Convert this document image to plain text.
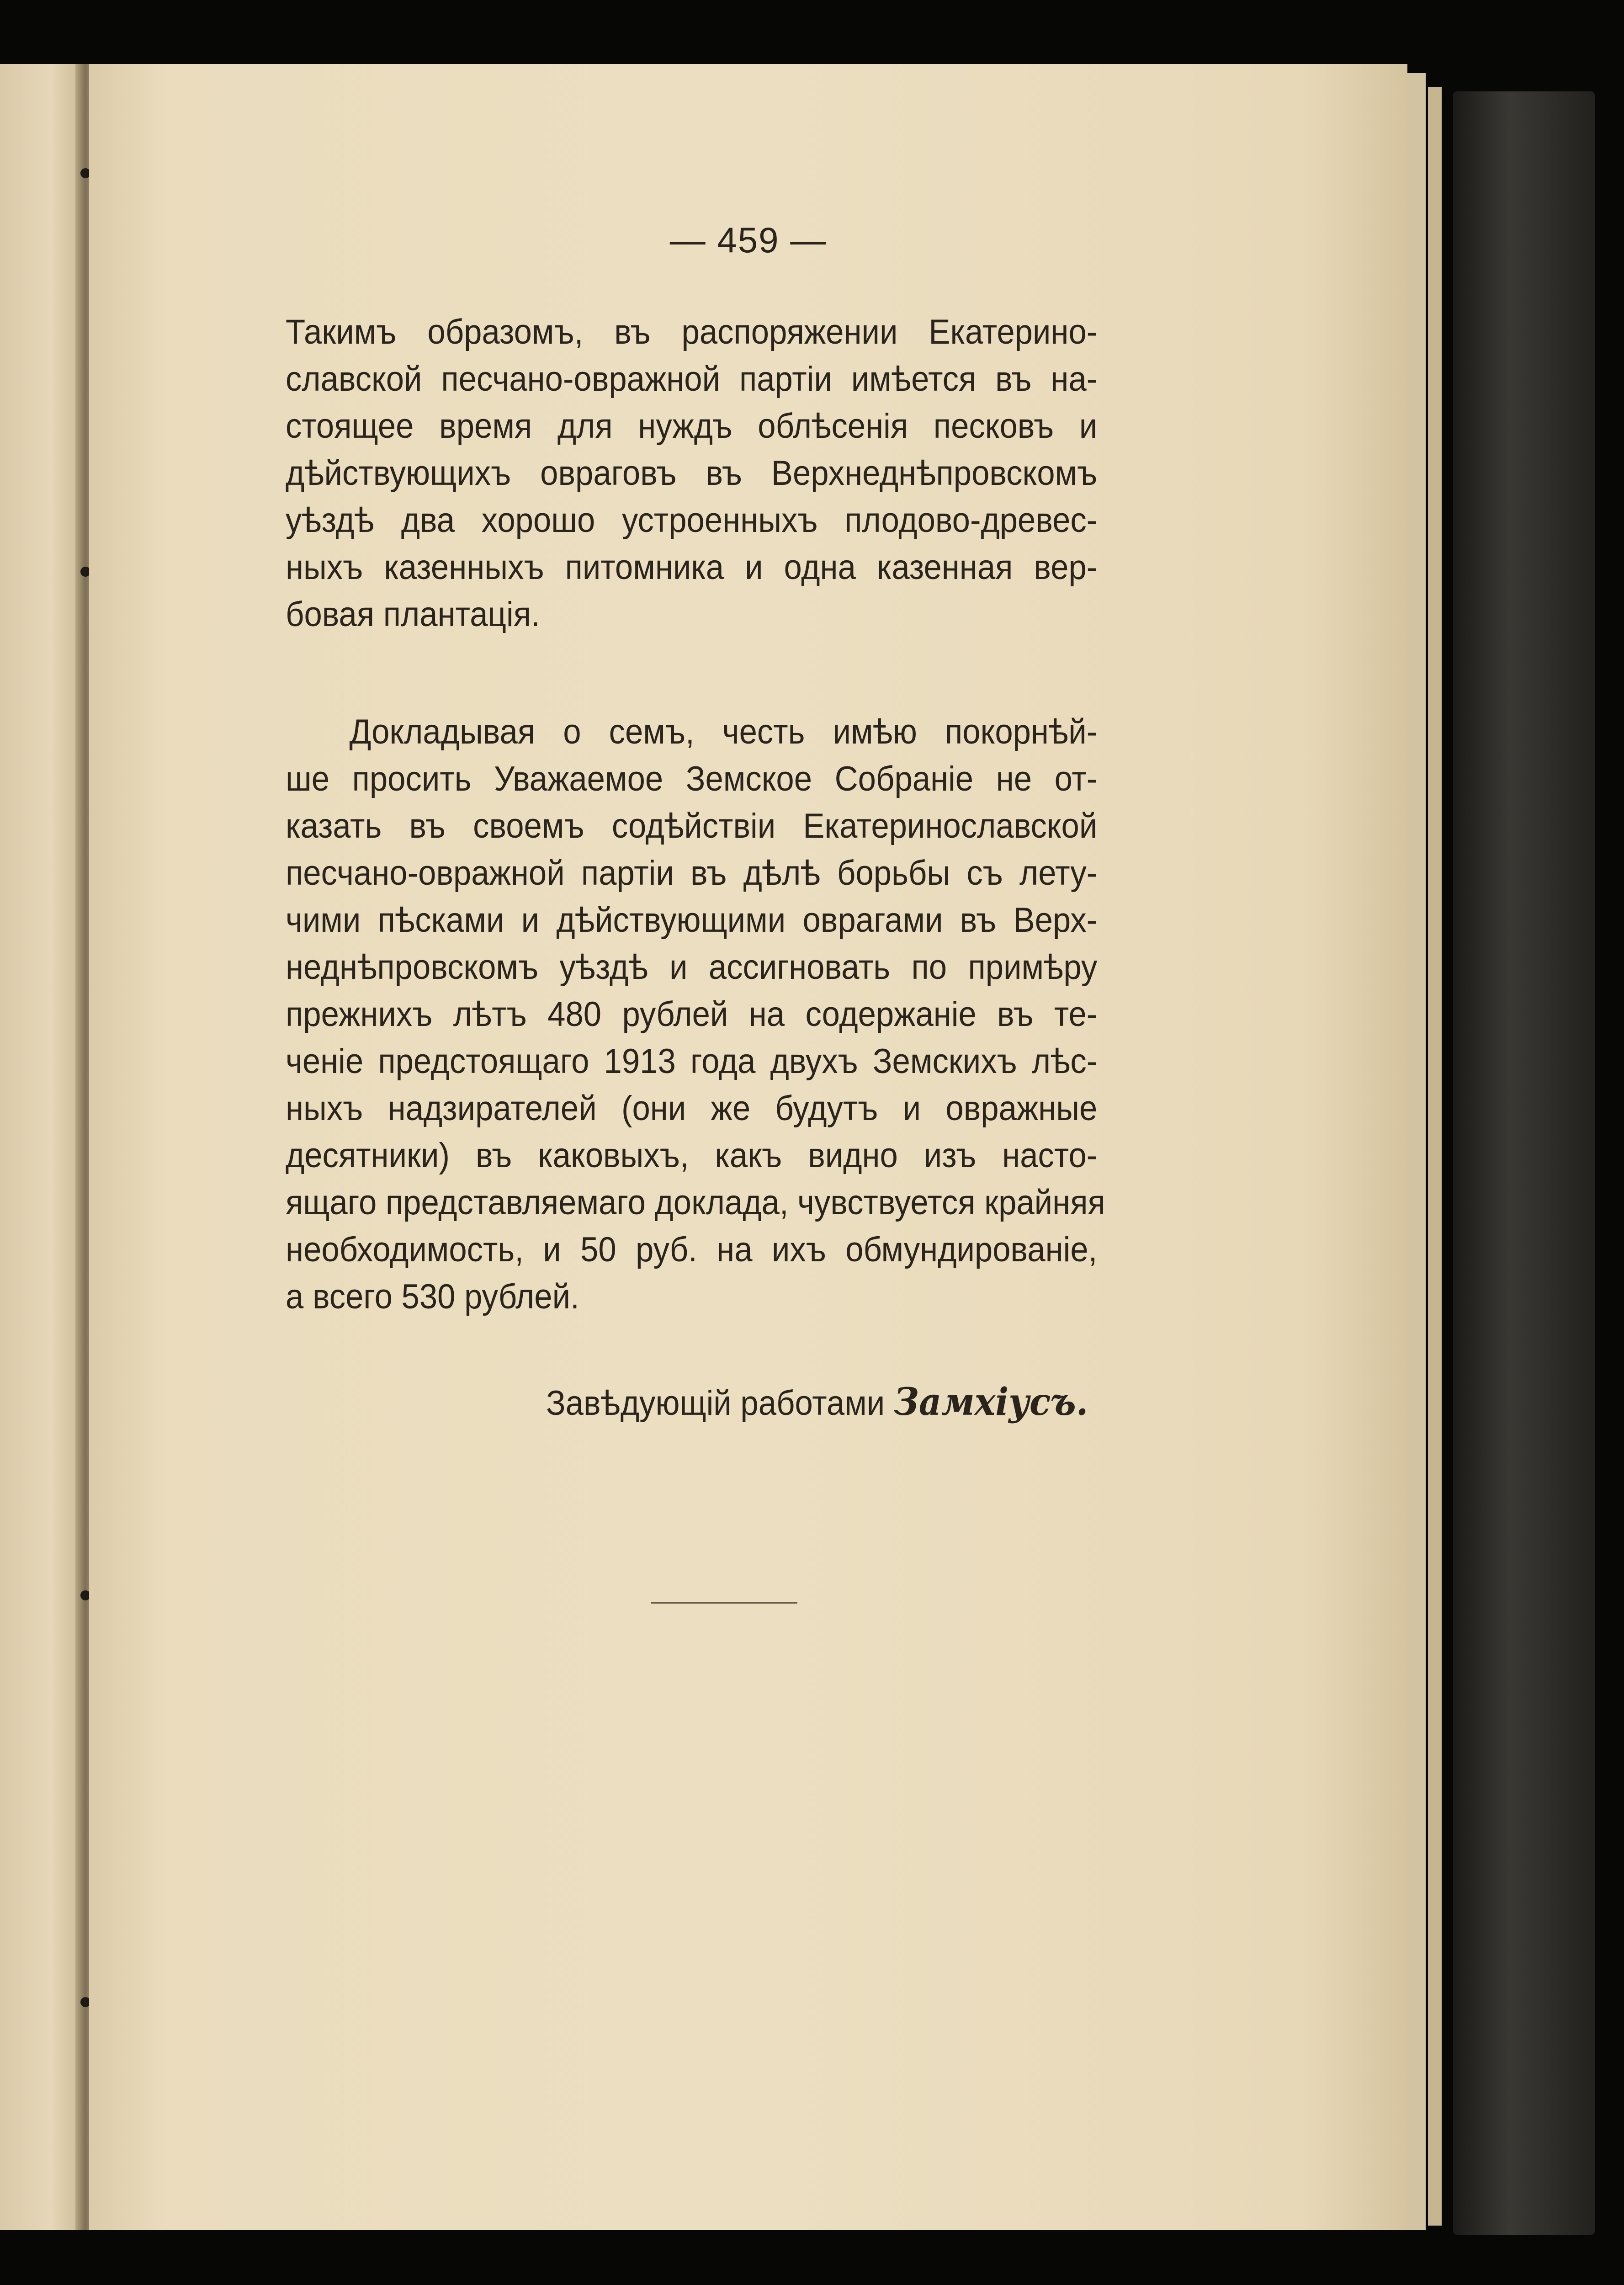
— 459 —
Такимъ образомъ, въ распоряжении Екатерино-
славской песчано-овражной партiи имѣется въ на-
стоящее время для нуждъ облѣсенiя песковъ и
дѣйствующихъ овраговъ въ Верхнеднѣпровскомъ
уѣздѣ два хорошо устроенныхъ плодово-древес-
ныхъ казенныхъ питомника и одна казенная вер-
бовая плантацiя.
Докладывая о семъ, честь имѣю покорнѣй-
ше просить Уважаемое Земское Собранiе не от-
казать въ своемъ содѣйствiи Екатеринославской
песчано-овражной партiи въ дѣлѣ борьбы съ лету-
чими пѣсками и дѣйствующими оврагами въ Верх-
неднѣпровскомъ уѣздѣ и ассигновать по примѣру
прежнихъ лѣтъ 480 рублей на содержанiе въ те-
ченiе предстоящаго 1913 года двухъ Земскихъ лѣс-
ныхъ надзирателей (они же будутъ и овражные
десятники) въ каковыхъ, какъ видно изъ насто-
ящаго представляемаго доклада, чувствуется крайняя
необходимость, и 50 руб. на ихъ обмундированiе,
а всего 530 рублей.
Завѣдующiй работами Замхiусъ.
